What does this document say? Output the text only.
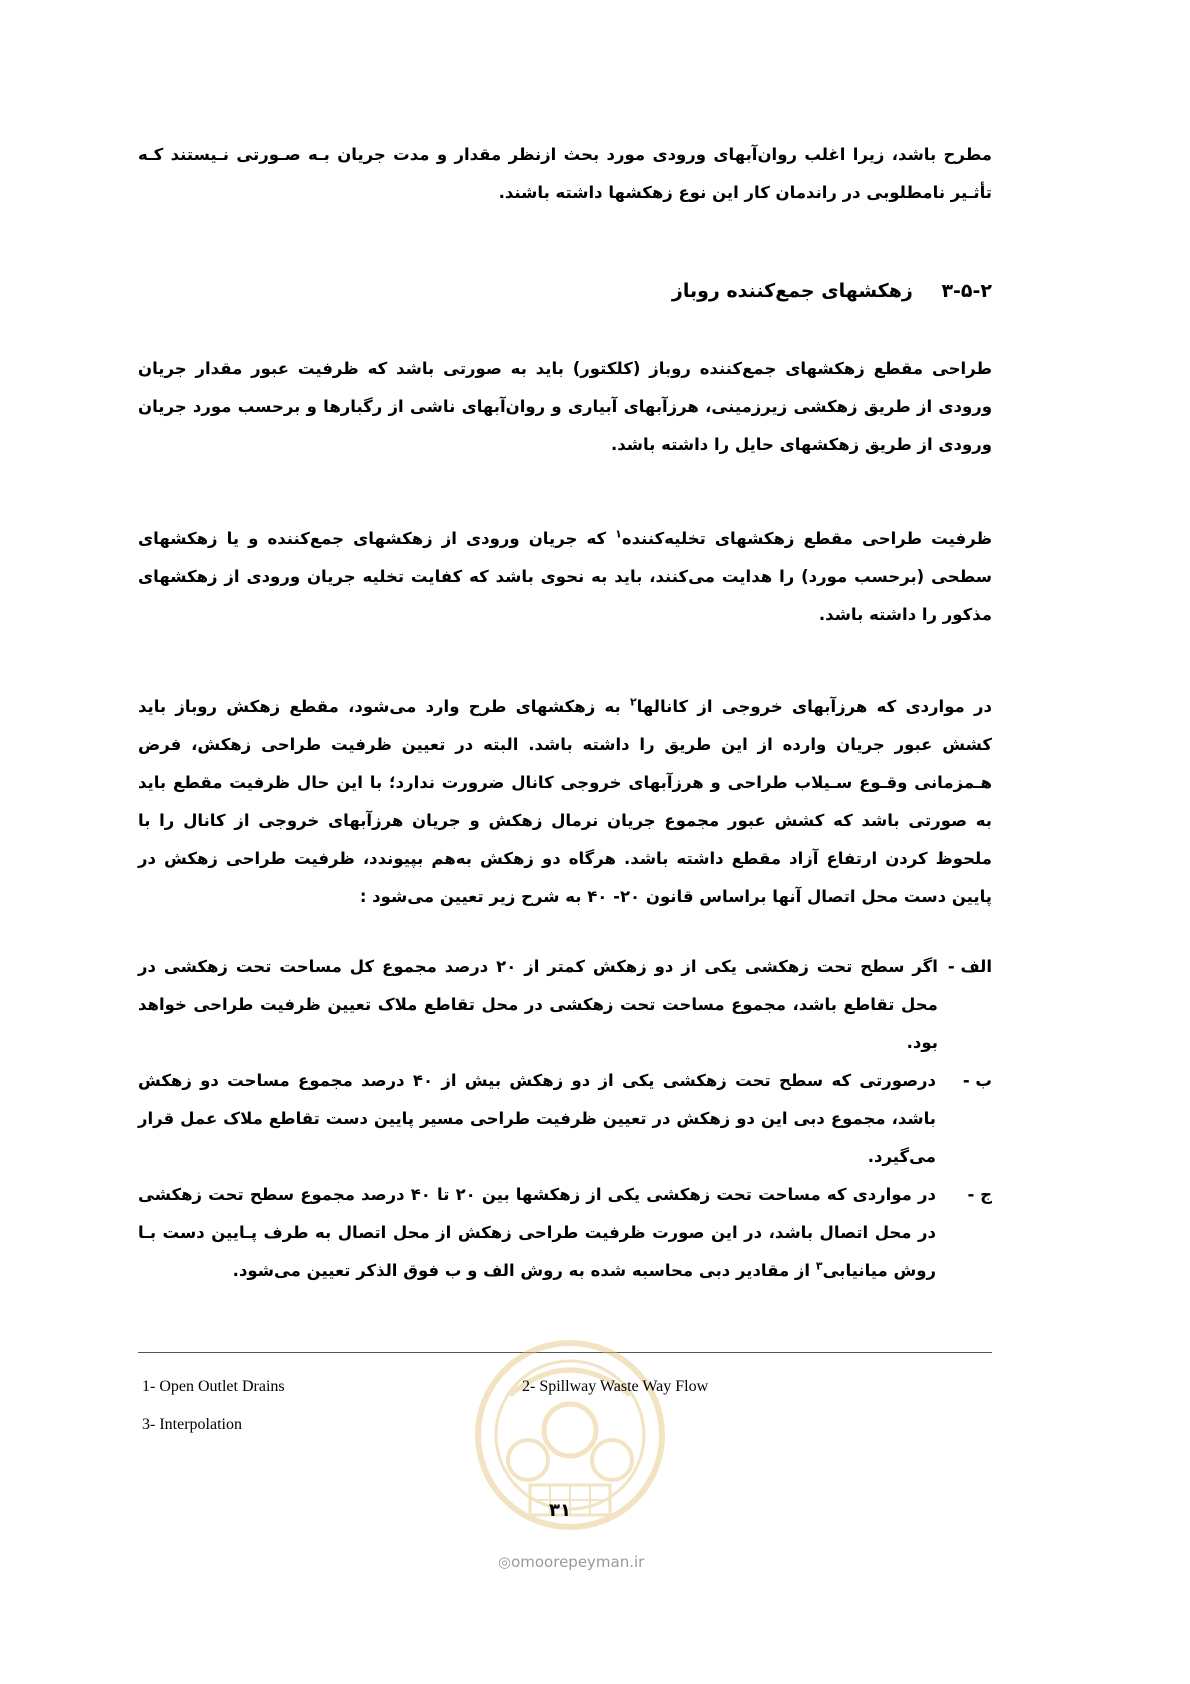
مطرح باشد، زیرا اغلب روان‌آبهای ورودی مورد بحث ازنظر مقدار و مدت جریان بـه صـورتی نـیستند کـه تأثـیر نامطلوبی در راندمان کار این نوع زهکشها داشته باشند.
۳-۵-۲ زهکشهای جمع‌کننده روباز
طراحی مقطع زهکشهای جمع‌کننده روباز (کلکتور) باید به صورتی باشد که ظرفیت عبور مقدار جریان ورودی از طریق زهکشی زیرزمینی، هرزآبهای آبیاری و روان‌آبهای ناشی از رگبارها و برحسب مورد جریان ورودی از طریق زهکشهای حایل را داشته باشد.
ظرفیت طراحی مقطع زهکشهای تخلیه‌کننده$^۱$ که جریان ورودی از زهکشهای جمع‌کننده و یا زهکشهای سطحی (برحسب مورد) را هدایت می‌کنند، باید به نحوی باشد که کفایت تخلیه جریان ورودی از زهکشهای مذکور را داشته باشد.
در مواردی که هرزآبهای خروجی از کانالها$^۲$ به زهکشهای طرح وارد می‌شود، مقطع زهکش روباز باید کشش عبور جریان وارده از این طریق را داشته باشد. البته در تعیین ظرفیت طراحی زهکش، فرض هـمزمانی وقـوع سـیلاب طراحی و هرزآبهای خروجی کانال ضرورت ندارد؛ با این حال ظرفیت مقطع باید به صورتی باشد که کشش عبور مجموع جریان نرمال زهکش و جریان هرزآبهای خروجی از کانال را با ملحوظ کردن ارتفاع آزاد مقطع داشته باشد. هرگاه دو زهکش به‌هم بپیوندد، ظرفیت طراحی زهکش در پایین دست محل اتصال آنها براساس قانون ۲۰- ۴۰ به شرح زیر تعیین می‌شود :
الف -
اگر سطح تحت زهکشی یکی از دو زهکش کمتر از ۲۰ درصد مجموع کل مساحت تحت زهکشی در محل تقاطع باشد، مجموع مساحت تحت زهکشی در محل تقاطع ملاک تعیین ظرفیت طراحی خواهد بود.
ب -
درصورتی که سطح تحت زهکشی یکی از دو زهکش بیش از ۴۰ درصد مجموع مساحت دو زهکش باشد، مجموع دبی این دو زهکش در تعیین ظرفیت طراحی مسیر پایین دست تقاطع ملاک عمل قرار می‌گیرد.
ج -
در مواردی که مساحت تحت زهکشی یکی از زهکشها بین ۲۰ تا ۴۰ درصد مجموع سطح تحت زهکشی در محل اتصال باشد، در این صورت ظرفیت طراحی زهکش از محل اتصال به طرف پـایین دست بـا روش میانیابی$^۳$ از مقادیر دبی محاسبه شده به روش الف و ب فوق الذکر تعیین می‌شود.
1- Open Outlet Drains	2- Spillway Waste Way Flow
3- Interpolation
۳۱
◎omoorepeyman.ir
